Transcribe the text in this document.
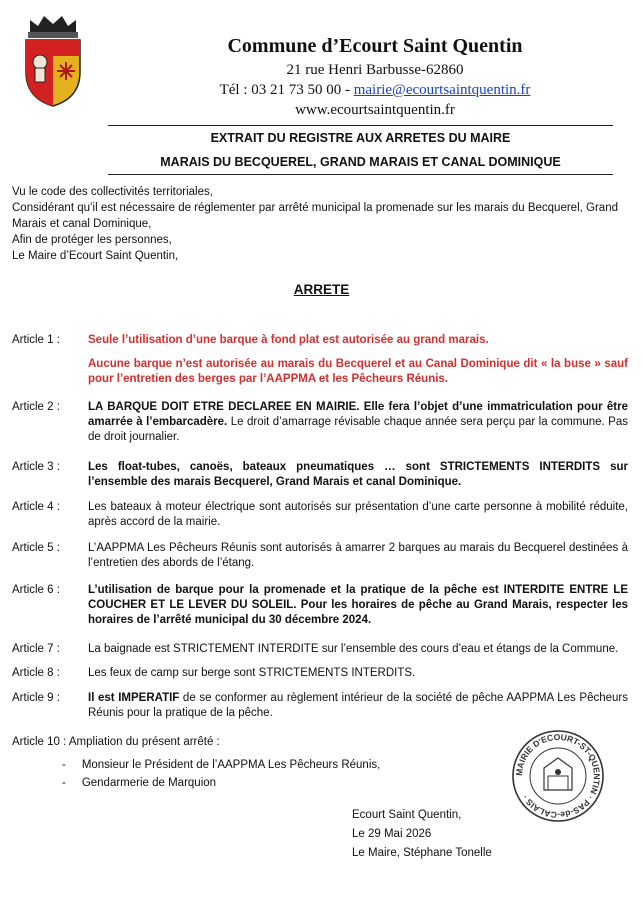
Commune d’Ecourt Saint Quentin
21 rue Henri Barbusse-62860
Tél : 03 21 73 50 00 - mairie@ecourtsaintquentin.fr
www.ecourtsaintquentin.fr
EXTRAIT DU REGISTRE AUX ARRETES DU MAIRE
MARAIS DU BECQUEREL, GRAND MARAIS ET CANAL DOMINIQUE
Vu le code des collectivités territoriales,
Considérant qu’il est nécessaire de réglementer par arrêté municipal la promenade sur les marais du Becquerel, Grand
Marais et canal Dominique,
Afin de protéger les personnes,
Le Maire d’Ecourt Saint Quentin,
ARRETE
Article 1 : Seule l’utilisation d’une barque à fond plat est autorisée au grand marais.
Aucune barque n’est autorisée au marais du Becquerel et au Canal Dominique dit « la buse » sauf pour l’entretien des berges par l’AAPPMA et les Pêcheurs Réunis.
Article 2 : LA BARQUE DOIT ETRE DECLAREE EN MAIRIE. Elle fera l’objet d’une immatriculation pour être amarrée à l’embarcadère. Le droit d’amarrage révisable chaque année sera perçu par la commune. Pas de droit journalier.
Article 3 : Les float-tubes, canoës, bateaux pneumatiques … sont STRICTEMENTS INTERDITS sur l’ensemble des marais Becquerel, Grand Marais et canal Dominique.
Article 4 : Les bateaux à moteur électrique sont autorisés sur présentation d’une carte personne à mobilité réduite, après accord de la mairie.
Article 5 : L’AAPPMA Les Pêcheurs Réunis sont autorisés à amarrer 2 barques au marais du Becquerel destinées à l’entretien des abords de l’étang.
Article 6 : L’utilisation de barque pour la promenade et la pratique de la pêche est INTERDITE ENTRE LE COUCHER ET LE LEVER DU SOLEIL. Pour les horaires de pêche au Grand Marais, respecter les horaires de l’arrêté municipal du 30 décembre 2024.
Article 7 : La baignade est STRICTEMENT INTERDITE sur l’ensemble des cours d’eau et étangs de la Commune.
Article 8 : Les feux de camp sur berge sont STRICTEMENTS INTERDITS.
Article 9 : Il est IMPERATIF de se conformer au règlement intérieur de la société de pêche AAPPMA Les Pêcheurs Réunis pour la pratique de la pêche.
Article 10 : Ampliation du présent arrêté :
-     Monsieur le Président de l’AAPPMA Les Pêcheurs Réunis,
-     Gendarmerie de Marquion
MAIRIE D'ECOURT-ST-QUENTIN · PAS-de-CALAIS ·
Ecourt Saint Quentin,
Le 29 Mai 2026
Le Maire, Stéphane Tonelle
